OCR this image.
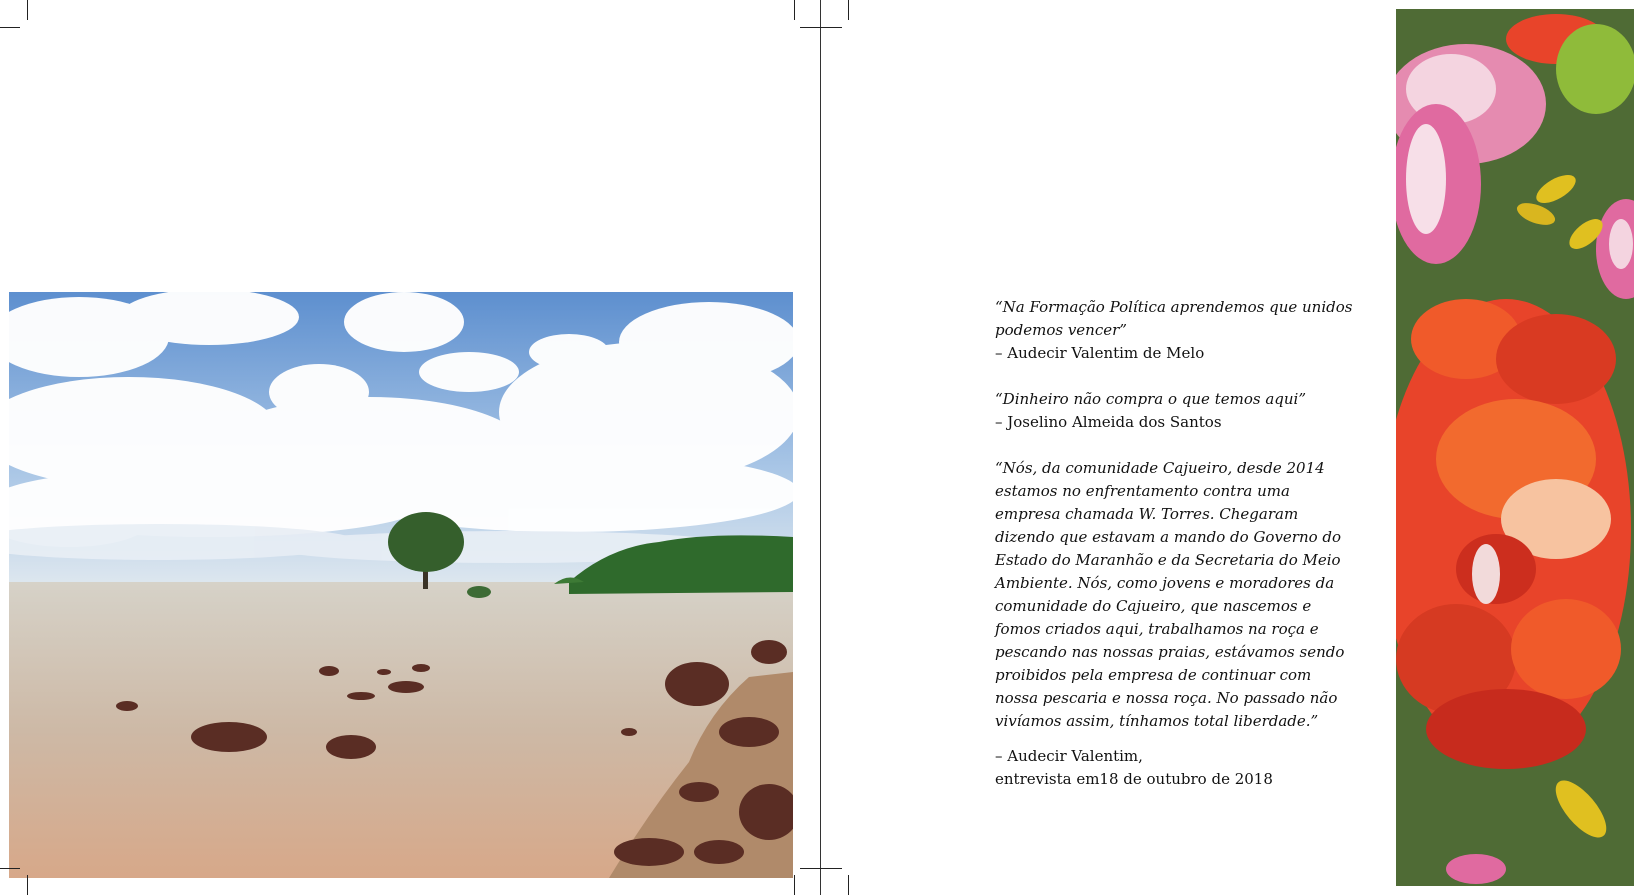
“Na Formação Política aprendemos que unidos podemos vencer”

– Audecir Valentim de Melo

“Dinheiro não compra o que temos aqui”

– Joselino Almeida dos Santos

“Nós, da comunidade Cajueiro, desde 2014 estamos no enfrentamento contra uma empresa chamada W. Torres. Chegaram dizendo que estavam a mando do Governo do Estado do Maranhão e da Secretaria do Meio Ambiente. Nós, como jovens e moradores da comunidade do Cajueiro, que nascemos e fomos criados aqui, trabalhamos na roça e pescando nas nossas praias, estávamos sendo proibidos pela empresa de continuar com nossa pescaria e nossa roça. No passado não vivíamos assim, tínhamos total liberdade.”

– Audecir Valentim,

entrevista em18 de outubro de 2018
